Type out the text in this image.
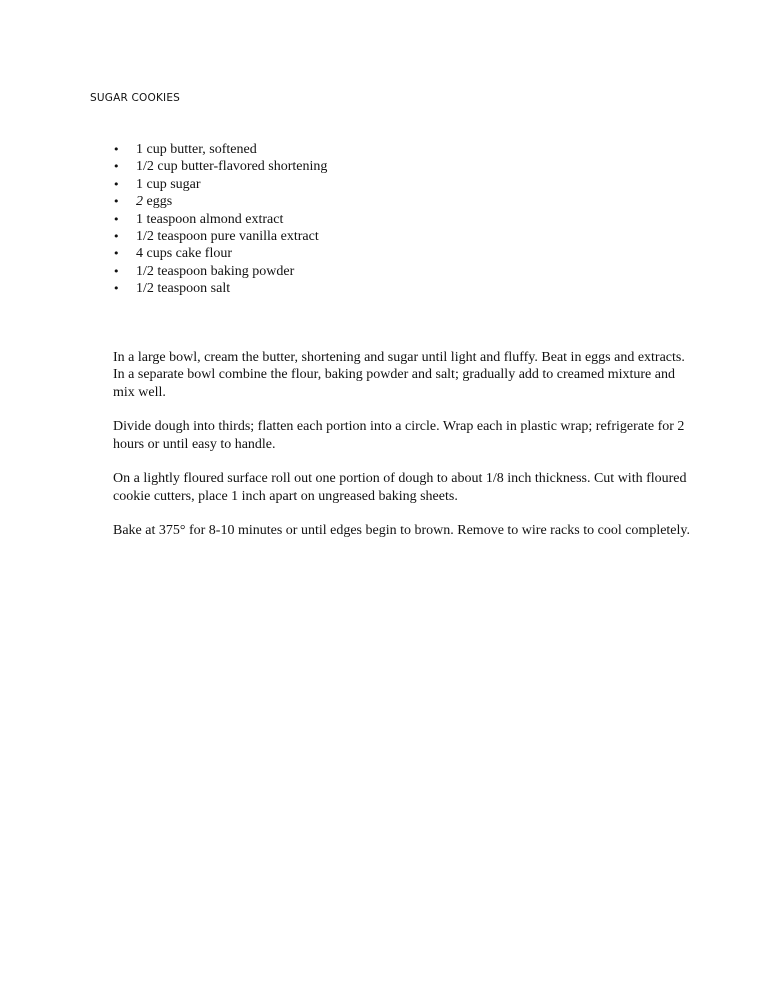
SUGAR COOKIES
• 1 cup butter, softened
• 1/2 cup butter-flavored shortening
• 1 cup sugar
• 2 eggs
• 1 teaspoon almond extract
• 1/2 teaspoon pure vanilla extract
• 4 cups cake flour
• 1/2 teaspoon baking powder
• 1/2 teaspoon salt

In a large bowl, cream the butter, shortening and sugar until light and fluffy. Beat in eggs and extracts. In a separate bowl combine the flour, baking powder and salt; gradually add to creamed mixture and mix well.

Divide dough into thirds; flatten each portion into a circle. Wrap each in plastic wrap; refrigerate for 2 hours or until easy to handle.

On a lightly floured surface roll out one portion of dough to about 1/8 inch thickness. Cut with floured cookie cutters, place 1 inch apart on ungreased baking sheets.

Bake at 375° for 8-10 minutes or until edges begin to brown. Remove to wire racks to cool completely.
